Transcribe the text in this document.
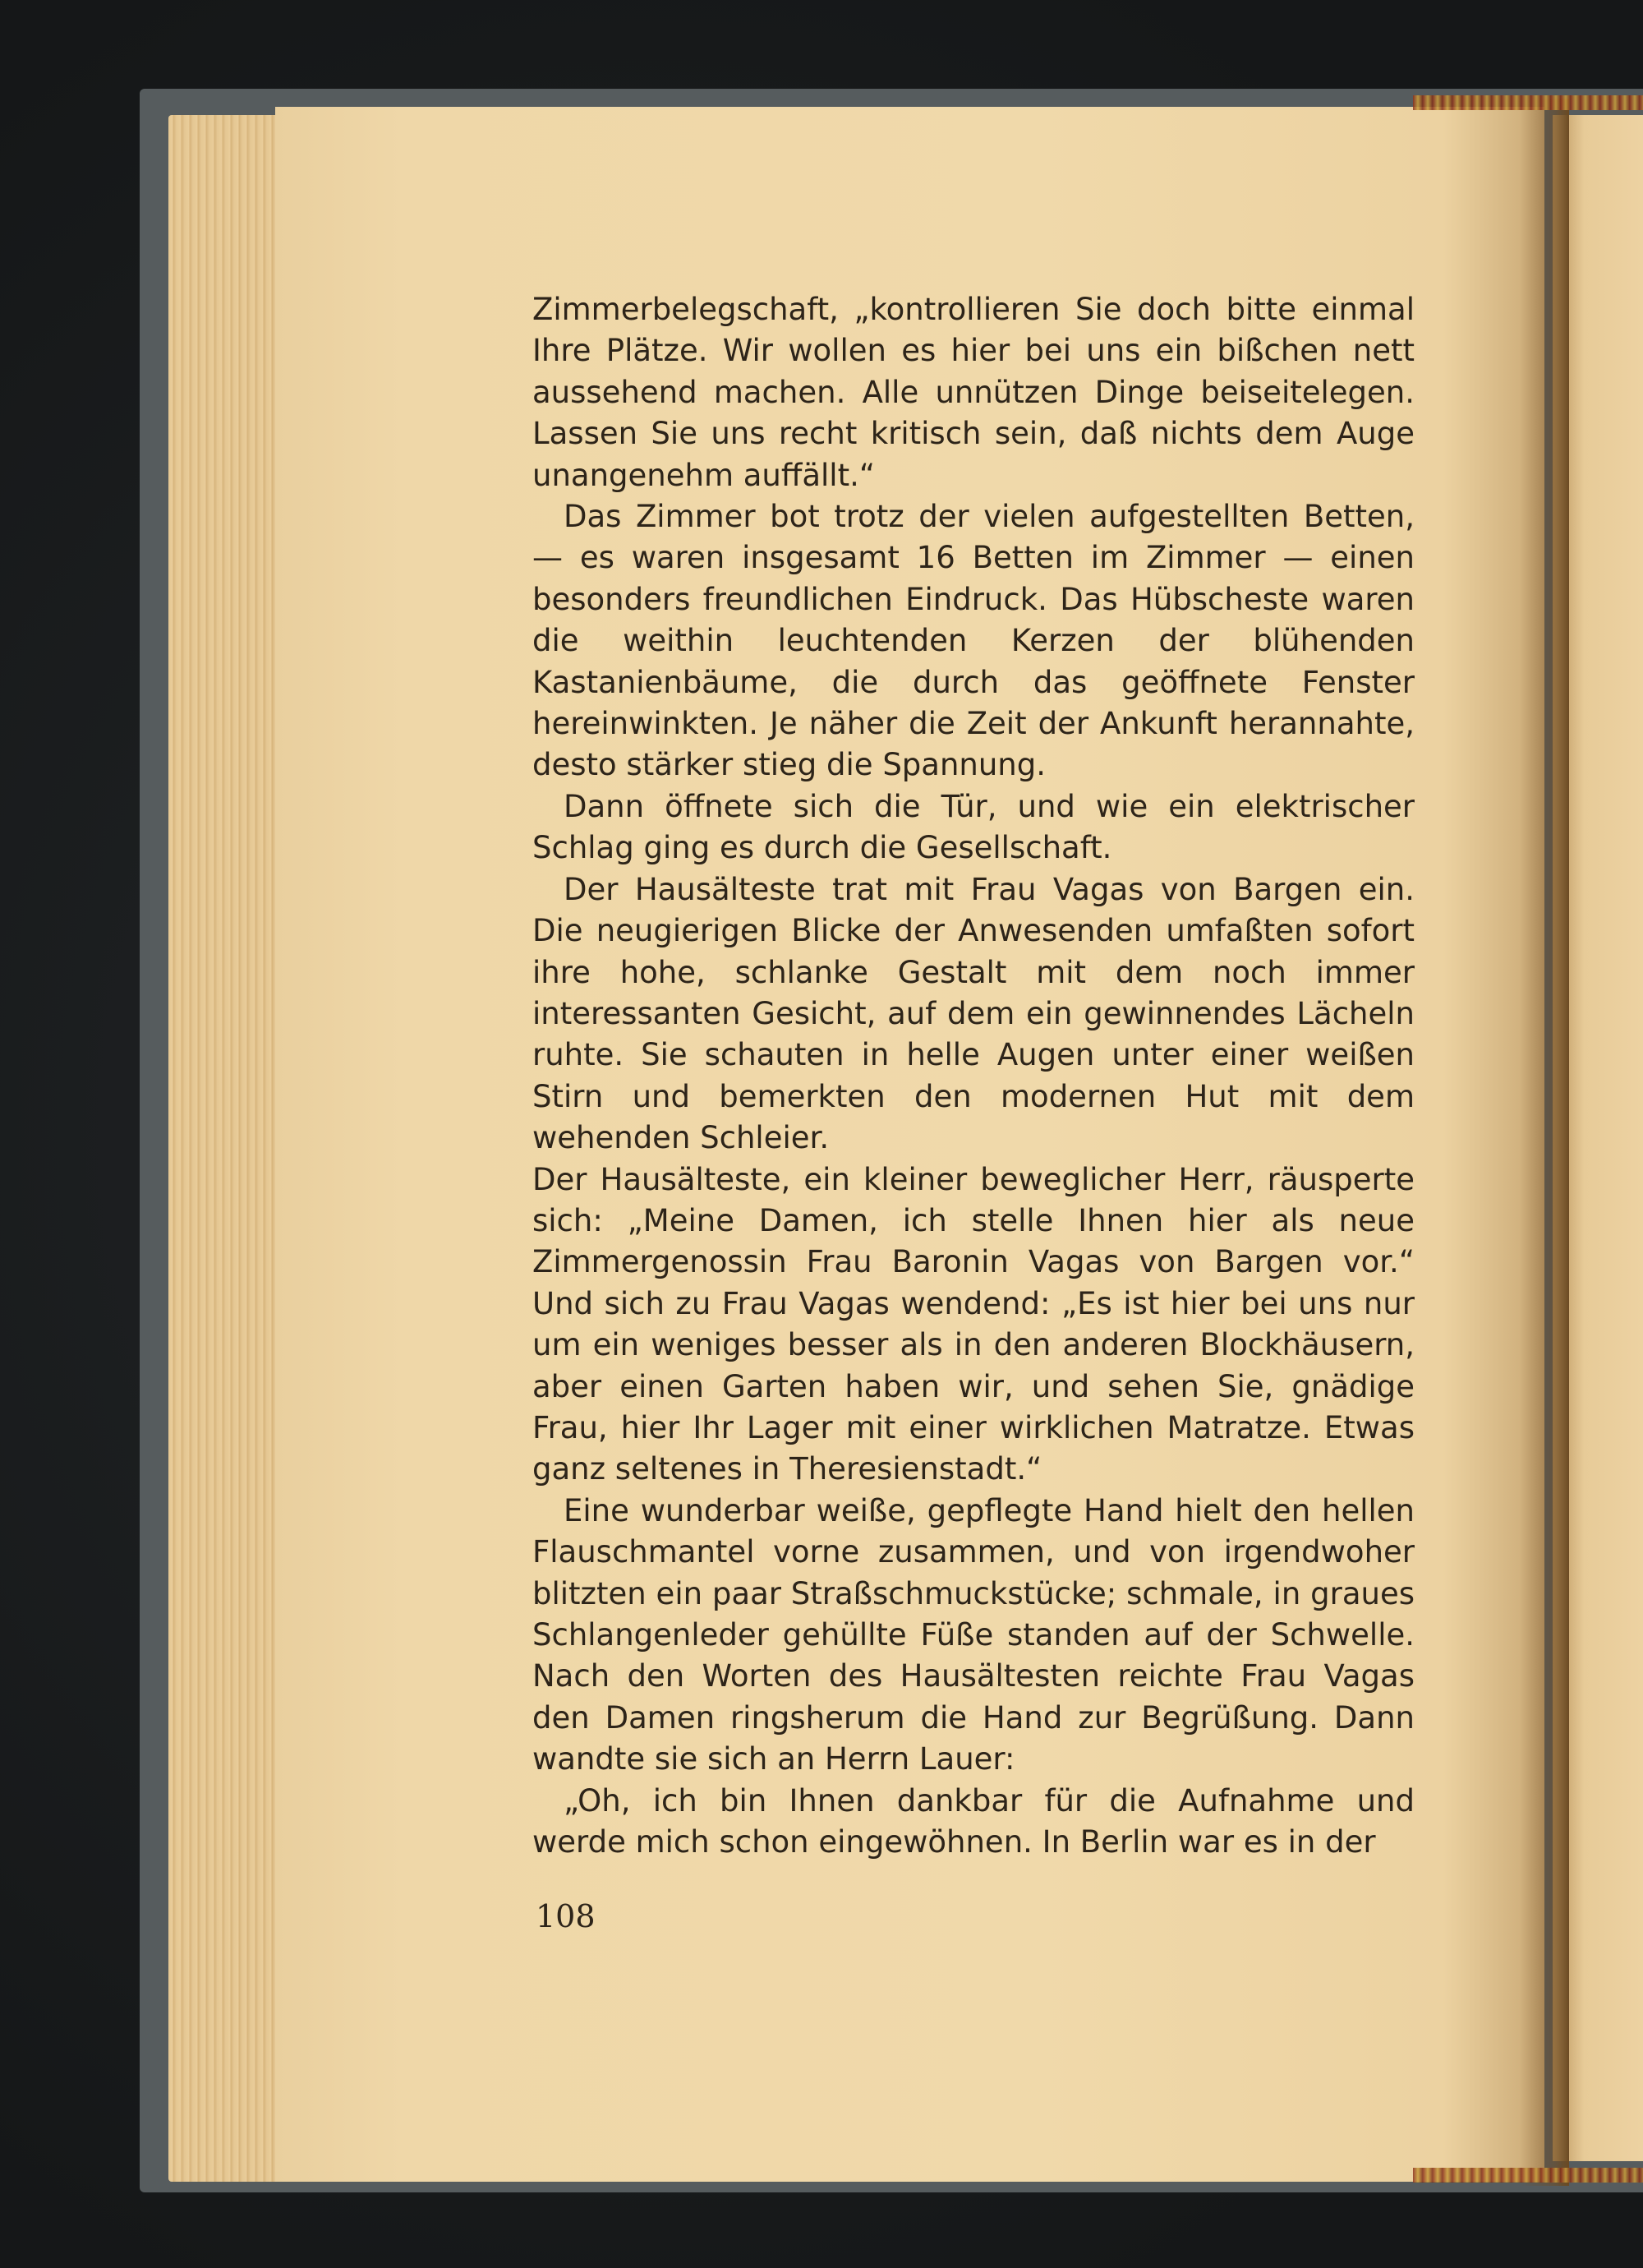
Zimmerbelegschaft, „kontrollieren Sie doch bitte einmal Ihre Plätze. Wir wollen es hier bei uns ein bißchen nett aussehend machen. Alle unnützen Dinge beiseitelegen. Lassen Sie uns recht kritisch sein, daß nichts dem Auge unangenehm auffällt.“

Das Zimmer bot trotz der vielen aufgestellten Betten, — es waren insgesamt 16 Betten im Zimmer — einen besonders freundlichen Eindruck. Das Hübscheste waren die weithin leuchtenden Kerzen der blühenden Kastanienbäume, die durch das geöffnete Fenster hereinwinkten. Je näher die Zeit der Ankunft herannahte, desto stärker stieg die Spannung.

Dann öffnete sich die Tür, und wie ein elektrischer Schlag ging es durch die Gesellschaft.

Der Hausälteste trat mit Frau Vagas von Bargen ein. Die neugierigen Blicke der Anwesenden umfaßten sofort ihre hohe, schlanke Gestalt mit dem noch immer interessanten Gesicht, auf dem ein gewinnendes Lächeln ruhte. Sie schauten in helle Augen unter einer weißen Stirn und bemerkten den modernen Hut mit dem wehenden Schleier.

Der Hausälteste, ein kleiner beweglicher Herr, räusperte sich: „Meine Damen, ich stelle Ihnen hier als neue Zimmergenossin Frau Baronin Vagas von Bargen vor.“ Und sich zu Frau Vagas wendend: „Es ist hier bei uns nur um ein weniges besser als in den anderen Blockhäusern, aber einen Garten haben wir, und sehen Sie, gnädige Frau, hier Ihr Lager mit einer wirklichen Matratze. Etwas ganz seltenes in Theresienstadt.“

Eine wunderbar weiße, gepflegte Hand hielt den hellen Flauschmantel vorne zusammen, und von irgendwoher blitzten ein paar Straßschmuckstücke; schmale, in graues Schlangenleder gehüllte Füße standen auf der Schwelle. Nach den Worten des Hausältesten reichte Frau Vagas den Damen ringsherum die Hand zur Begrüßung. Dann wandte sie sich an Herrn Lauer:

„Oh, ich bin Ihnen dankbar für die Aufnahme und werde mich schon eingewöhnen. In Berlin war es in der

108
